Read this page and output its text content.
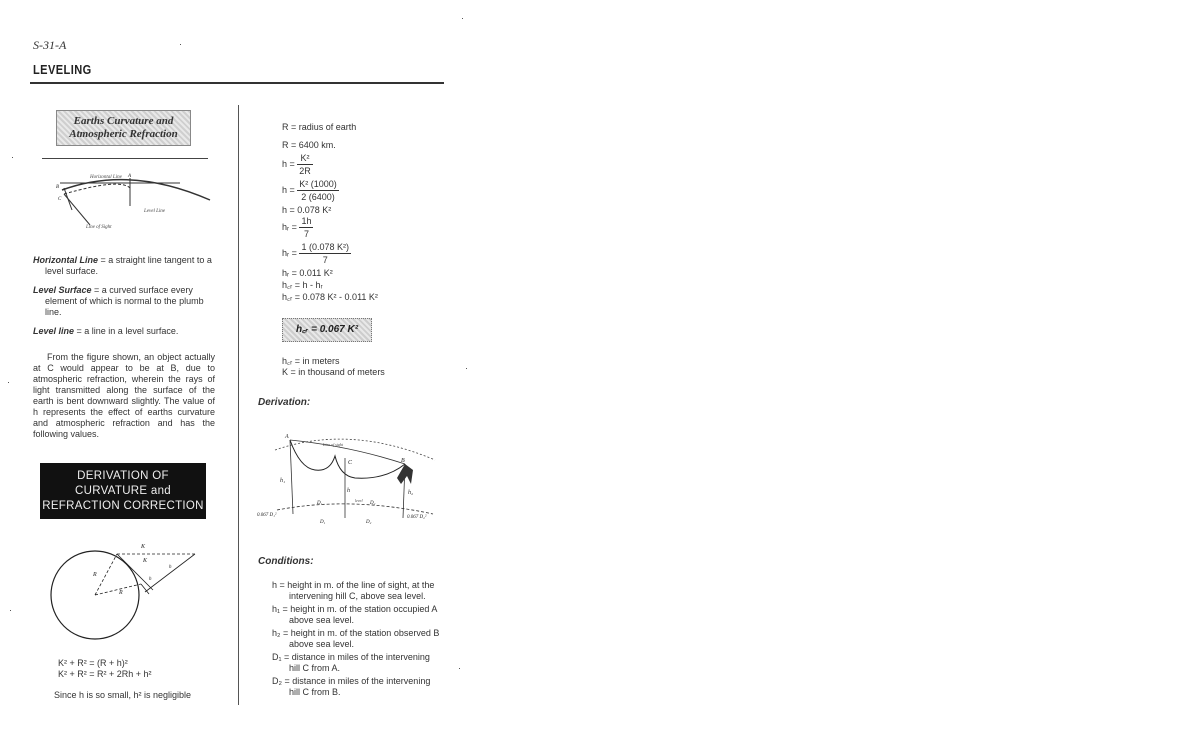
S-31-A
LEVELING
Earths Curvature and
Atmospheric Refraction
Horizontal Line
Level Line
Line of Sight
B
C
A
Horizontal Line = a straight line tangent to a
level surface.
Level Surface = a curved surface every
element of which is normal to the plumb line.
Level line = a line in a level surface.
From the figure shown, an object actually at C would appear to be at B, due to atmospheric refraction, wherein the rays of light transmitted along the surface of the earth is bent downward slightly. The value of h represents the effect of earths curvature and atmospheric refraction and has the following values.
DERIVATION OF
CURVATURE and
REFRACTION CORRECTION
K
K
R
R
h
h
K² + R² = (R + h)²
K² + R² = R² + 2Rh + h²
Since h is so small, h² is negligible
R = radius of earth
R = 6400 km.
$h = \frac{\text{K²}}{2R}$
$h = \frac{\text{K² (1000)}}{2 (6400)}$
h = 0.078 K²
hᵣ = $\frac{1h}{7}$
hᵣ = $\frac{\text{1 (0.078 K²)}}{7}$
hᵣ = 0.011 K²
h꜀ᵣ = h - hᵣ
h꜀ᵣ = 0.078 K² - 0.011 K²
h꜀ᵣ = 0.067 K²
h꜀ᵣ = in meters
K = in thousand of meters
Derivation:
A
B
C
h₁
h₂
h
Line of sight
level
D₁
D₁
D₂
D₂
0.067 D₁²	0.067 D₂²
Conditions:
h = height in m. of the line of sight, at the
intervening hill C, above sea level.
h₁ = height in m. of the station occupied A
above sea level.
h₂ = height in m. of the station observed B
above sea level.
D₁ = distance in miles of the intervening
hill C from A.
D₂ = distance in miles of the intervening
hill C from B.
